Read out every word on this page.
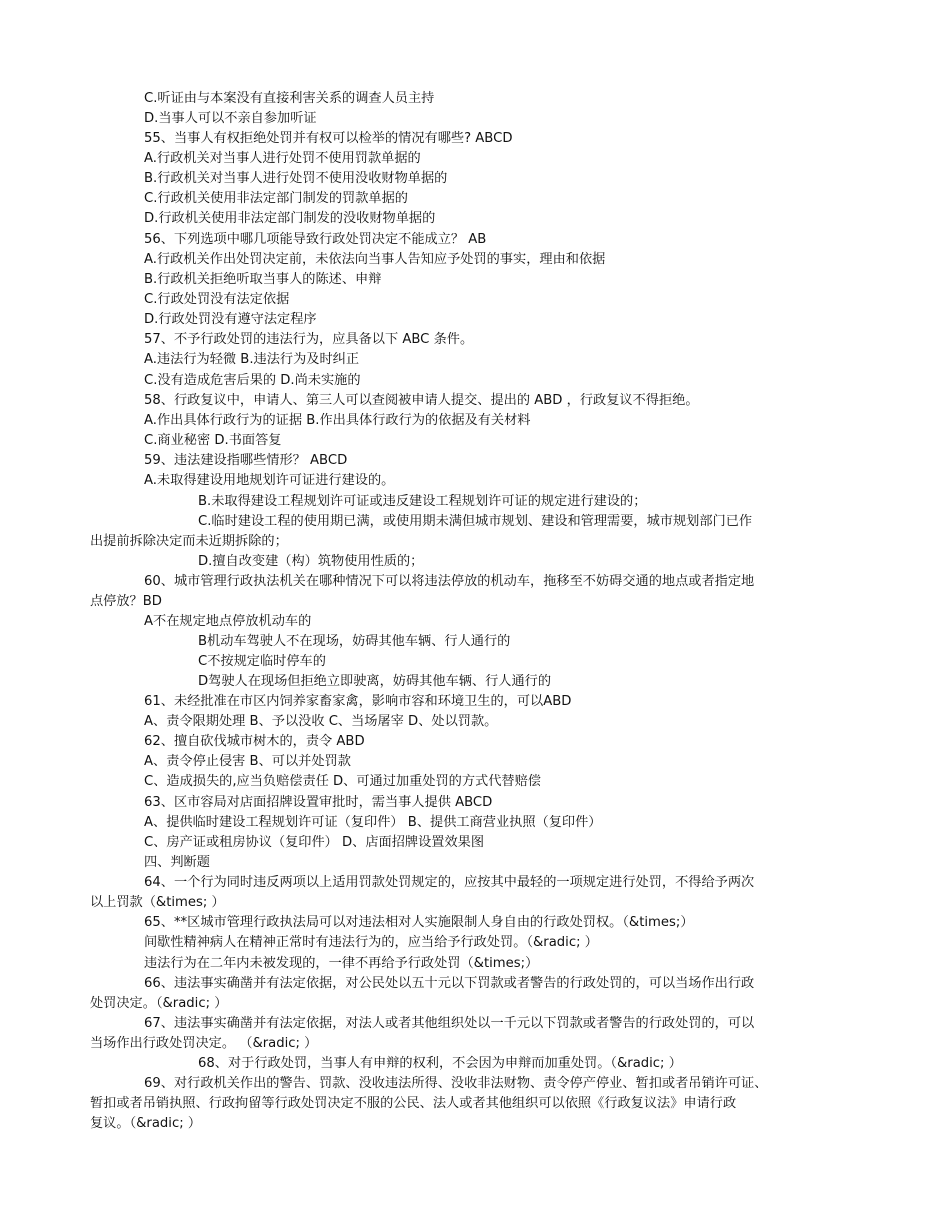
C.听证由与本案没有直接利害关系的调查人员主持
D.当事人可以不亲自参加听证
55、当事人有权拒绝处罚并有权可以检举的情况有哪些? ABCD
A.行政机关对当事人进行处罚不使用罚款单据的
B.行政机关对当事人进行处罚不使用没收财物单据的
C.行政机关使用非法定部门制发的罚款单据的
D.行政机关使用非法定部门制发的没收财物单据的
56、下列选项中哪几项能导致行政处罚决定不能成立？ AB
A.行政机关作出处罚决定前，未依法向当事人告知应予处罚的事实，理由和依据
B.行政机关拒绝听取当事人的陈述、申辩
C.行政处罚没有法定依据
D.行政处罚没有遵守法定程序
57、不予行政处罚的违法行为，应具备以下 ABC 条件。
A.违法行为轻微 B.违法行为及时纠正
C.没有造成危害后果的 D.尚未实施的
58、行政复议中，申请人、第三人可以查阅被申请人提交、提出的 ABD ，行政复议不得拒绝。
A.作出具体行政行为的证据 B.作出具体行政行为的依据及有关材料
C.商业秘密 D.书面答复
59、违法建设指哪些情形？ ABCD
A.未取得建设用地规划许可证进行建设的。
B.未取得建设工程规划许可证或违反建设工程规划许可证的规定进行建设的；
C.临时建设工程的使用期已满，或使用期未满但城市规划、建设和管理需要，城市规划部门已作
出提前拆除决定而未近期拆除的；
D.擅自改变建（构）筑物使用性质的；
60、城市管理行政执法机关在哪种情况下可以将违法停放的机动车，拖移至不妨碍交通的地点或者指定地
点停放？BD
A不在规定地点停放机动车的
B机动车驾驶人不在现场，妨碍其他车辆、行人通行的
C不按规定临时停车的
D驾驶人在现场但拒绝立即驶离，妨碍其他车辆、行人通行的
61、未经批准在市区内饲养家畜家禽，影响市容和环境卫生的，可以ABD
A、责令限期处理 B、予以没收 C、当场屠宰 D、处以罚款。
62、擅自砍伐城市树木的，责令 ABD
A、责令停止侵害 B、可以并处罚款
C、造成损失的,应当负赔偿责任 D、可通过加重处罚的方式代替赔偿
63、区市容局对店面招牌设置审批时，需当事人提供 ABCD
A、提供临时建设工程规划许可证（复印件） B、提供工商营业执照（复印件）
C、房产证或租房协议（复印件） D、店面招牌设置效果图
四、判断题
64、一个行为同时违反两项以上适用罚款处罚规定的，应按其中最轻的一项规定进行处罚，不得给予两次
以上罚款（&times; ）
65、**区城市管理行政执法局可以对违法相对人实施限制人身自由的行政处罚权。（&times;）
间歇性精神病人在精神正常时有违法行为的，应当给予行政处罚。（&radic; ）
违法行为在二年内未被发现的，一律不再给予行政处罚（&times;）
66、违法事实确凿并有法定依据，对公民处以五十元以下罚款或者警告的行政处罚的，可以当场作出行政
处罚决定。（&radic; ）
67、违法事实确凿并有法定依据，对法人或者其他组织处以一千元以下罚款或者警告的行政处罚的，可以
当场作出行政处罚决定。 （&radic; ）
68、对于行政处罚，当事人有申辩的权利，不会因为申辩而加重处罚。（&radic; ）
69、对行政机关作出的警告、罚款、没收违法所得、没收非法财物、责令停产停业、暂扣或者吊销许可证、
暂扣或者吊销执照、行政拘留等行政处罚决定不服的公民、法人或者其他组织可以依照《行政复议法》申请行政
复议。（&radic; ）
